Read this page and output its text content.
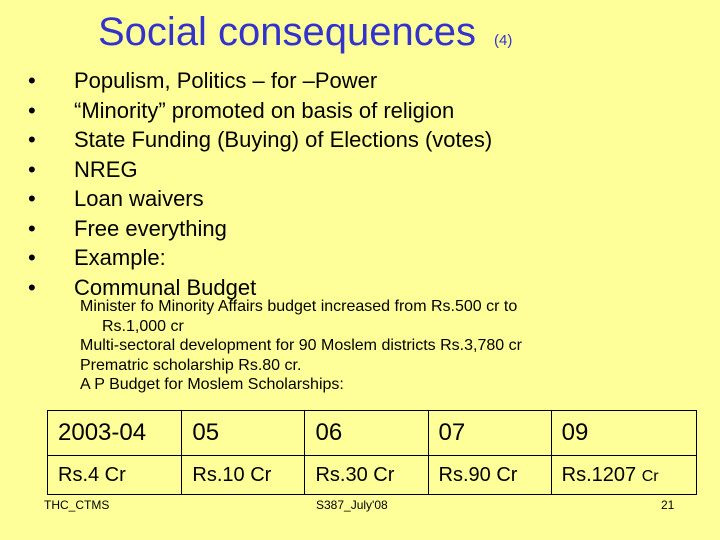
Social consequences (4)
• Populism, Politics – for –Power
• “Minority” promoted on basis of religion
• State Funding (Buying) of Elections (votes)
• NREG
• Loan waivers
• Free everything
• Example:
• Communal Budget
Minister fo Minority Affairs budget increased from Rs.500 cr to
Rs.1,000 cr
Multi-sectoral development for 90 Moslem districts Rs.3,780 cr
Prematric scholarship Rs.80 cr.
A P Budget for Moslem Scholarships:
2003-04	05	06	07	09
Rs.4 Cr	Rs.10 Cr	Rs.30 Cr	Rs.90 Cr	Rs.1207 Cr
THC_CTMS	S387_July'08	21
